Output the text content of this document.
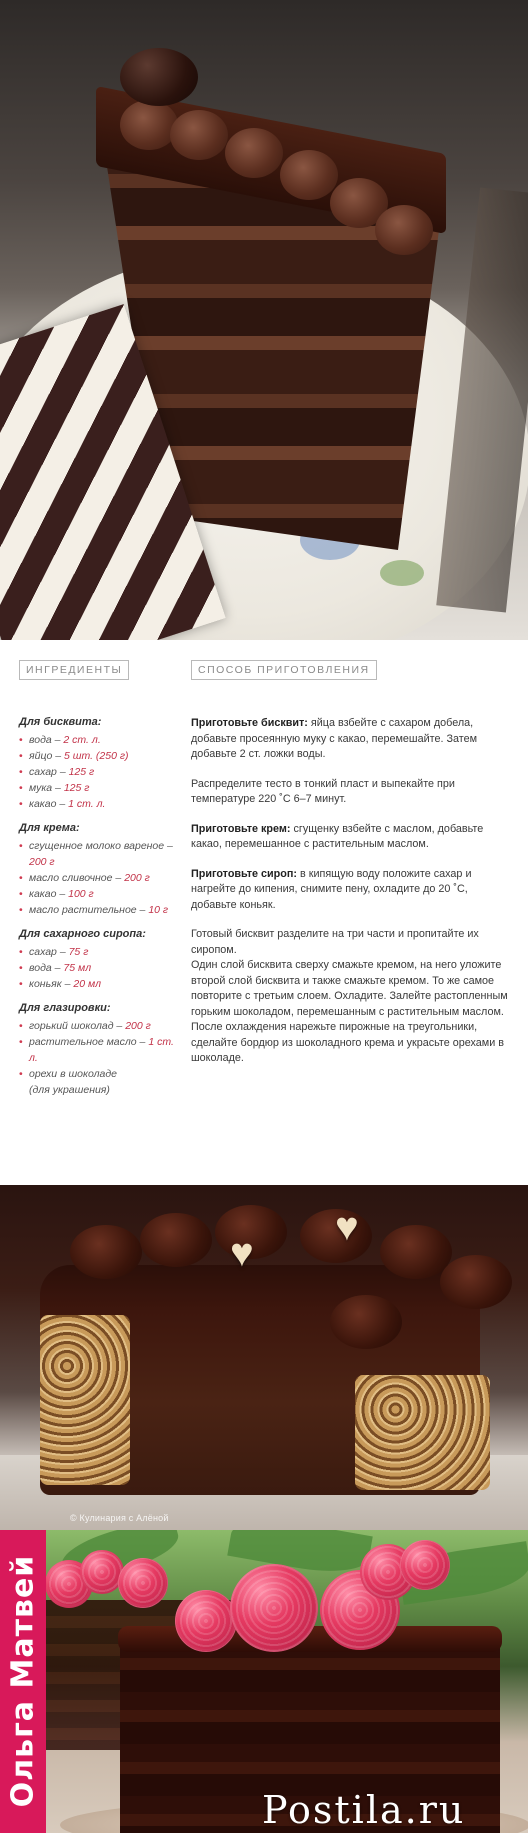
ИНГРЕДИЕНТЫ	СПОСОБ ПРИГОТОВЛЕНИЯ
Для бисквита:
• вода – 2 ст. л.
• яйцо – 5 шт. (250 г)
• сахар – 125 г
• мука – 125 г
• какао – 1 ст. л.
Для крема:
• сгущенное молоко вареное – 200 г
• масло сливочное – 200 г
• какао – 100 г
• масло растительное – 10 г
Для сахарного сиропа:
• сахар – 75 г
• вода – 75 мл
• коньяк – 20 мл
Для глазировки:
• горький шоколад – 200 г
• растительное масло – 1 ст. л.
• орехи в шоколаде
(для украшения)

Приготовьте бисквит: яйца взбейте с сахаром добела, добавьте просеянную муку с какао, перемешайте. Затем добавьте 2 ст. ложки воды.

Распределите тесто в тонкий пласт и выпекайте при температуре 220 ˚С 6–7 минут.

Приготовьте крем: сгущенку взбейте с маслом, добавьте какао, перемешанное с растительным маслом.

Приготовьте сироп: в кипящую воду положите сахар и нагрейте до кипения, снимите пену, охладите до 20 ˚С, добавьте коньяк.

Готовый бисквит разделите на три части и пропитайте их сиропом.

Один слой бисквита сверху смажьте кремом, на него уложите второй слой бисквита и также смажьте кремом. То же самое повторите с третьим слоем. Охладите. Залейте растопленным горьким шоколадом, перемешанным с растительным маслом.

После охлаждения нарежьте пирожные на треугольники, сделайте бордюр из шоколадного крема и украсьте орехами в шоколаде.

♥
♥
© Кулинария с Алёной
Ольга Матвей
Postila.ru
